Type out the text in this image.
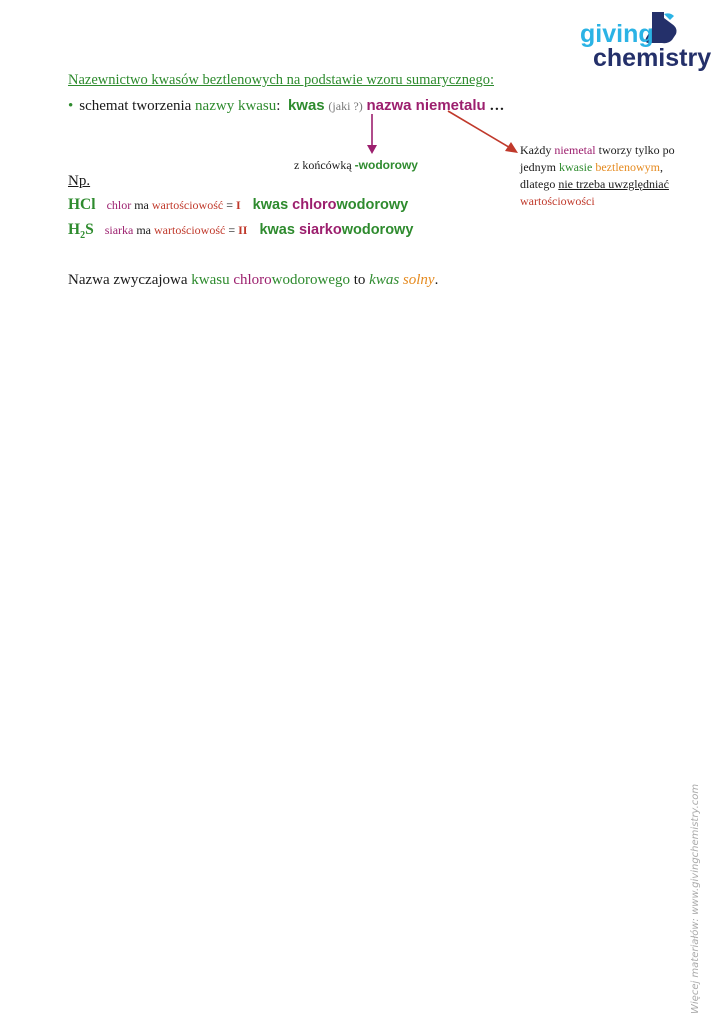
giving
chemistry
Nazewnictwo kwasów beztlenowych na podstawie wzoru sumarycznego:
• schemat tworzenia nazwy kwasu: kwas (jaki ?) nazwa niemetalu …
z końcówką -wodorowy
Np.
HCl chlor ma wartościowość = I kwas chlorowodorowy
$H_2S$ siarka ma wartościowość = II kwas siarkowodorowy
Nazwa zwyczajowa kwasu chlorowodorowego to kwas solny.
Każdy niemetal tworzy tylko po jednym kwasie beztlenowym, dlatego nie trzeba uwzględniać wartościowości
Więcej materiałów: www.givingchemistry.com
